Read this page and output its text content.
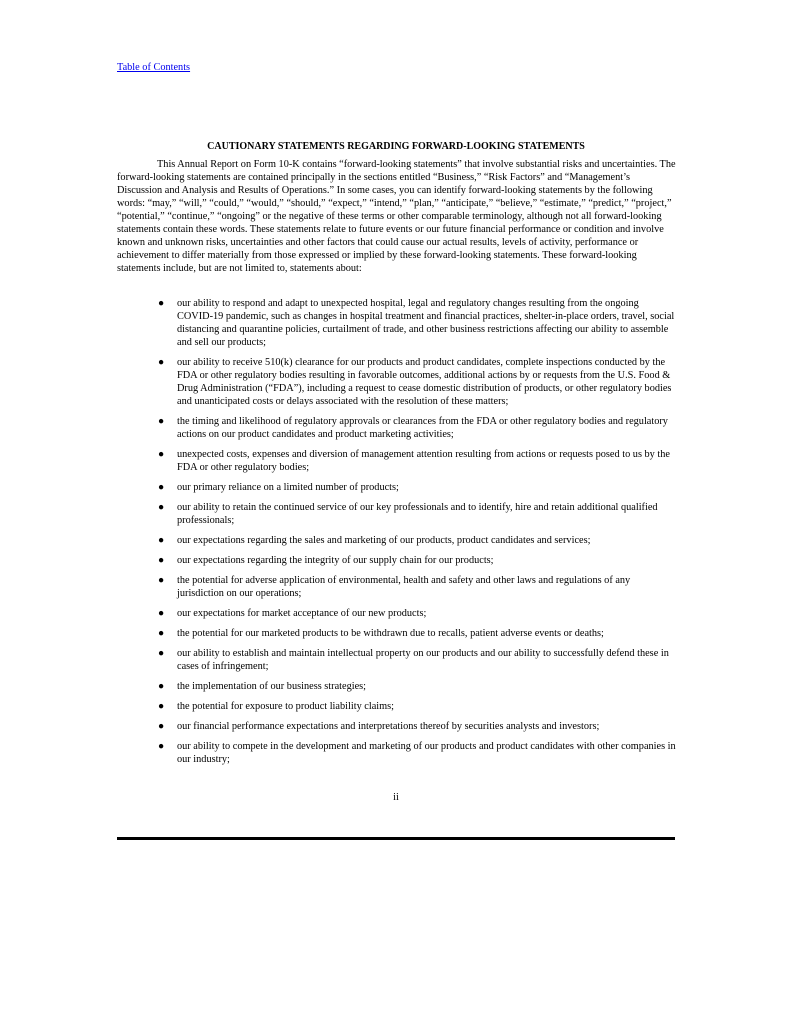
Table of Contents
CAUTIONARY STATEMENTS REGARDING FORWARD-LOOKING STATEMENTS

This Annual Report on Form 10-K contains “forward-looking statements” that involve substantial risks and uncertainties. The forward-looking statements are contained principally in the sections entitled “Business,” “Risk Factors” and “Management’s Discussion and Analysis and Results of Operations.” In some cases, you can identify forward-looking statements by the following words: “may,” “will,” “could,” “would,” “should,” “expect,” “intend,” “plan,” “anticipate,” “believe,” “estimate,” “predict,” “project,” “potential,” “continue,” “ongoing” or the negative of these terms or other comparable terminology, although not all forward-looking statements contain these words. These statements relate to future events or our future financial performance or condition and involve known and unknown risks, uncertainties and other factors that could cause our actual results, levels of activity, performance or achievement to differ materially from those expressed or implied by these forward-looking statements. These forward-looking statements include, but are not limited to, statements about:

● our ability to respond and adapt to unexpected hospital, legal and regulatory changes resulting from the ongoing COVID-19 pandemic, such as changes in hospital treatment and financial practices, shelter-in-place orders, travel, social distancing and quarantine policies, curtailment of trade, and other business restrictions affecting our ability to assemble and sell our products;
● our ability to receive 510(k) clearance for our products and product candidates, complete inspections conducted by the FDA or other regulatory bodies resulting in favorable outcomes, additional actions by or requests from the U.S. Food & Drug Administration (“FDA”), including a request to cease domestic distribution of products, or other regulatory bodies and unanticipated costs or delays associated with the resolution of these matters;
● the timing and likelihood of regulatory approvals or clearances from the FDA or other regulatory bodies and regulatory actions on our product candidates and product marketing activities;
● unexpected costs, expenses and diversion of management attention resulting from actions or requests posed to us by the FDA or other regulatory bodies;
● our primary reliance on a limited number of products;
● our ability to retain the continued service of our key professionals and to identify, hire and retain additional qualified professionals;
● our expectations regarding the sales and marketing of our products, product candidates and services;
● our expectations regarding the integrity of our supply chain for our products;
● the potential for adverse application of environmental, health and safety and other laws and regulations of any jurisdiction on our operations;
● our expectations for market acceptance of our new products;
● the potential for our marketed products to be withdrawn due to recalls, patient adverse events or deaths;
● our ability to establish and maintain intellectual property on our products and our ability to successfully defend these in cases of infringement;
● the implementation of our business strategies;
● the potential for exposure to product liability claims;
● our financial performance expectations and interpretations thereof by securities analysts and investors;
● our ability to compete in the development and marketing of our products and product candidates with other companies in our industry;
ii
